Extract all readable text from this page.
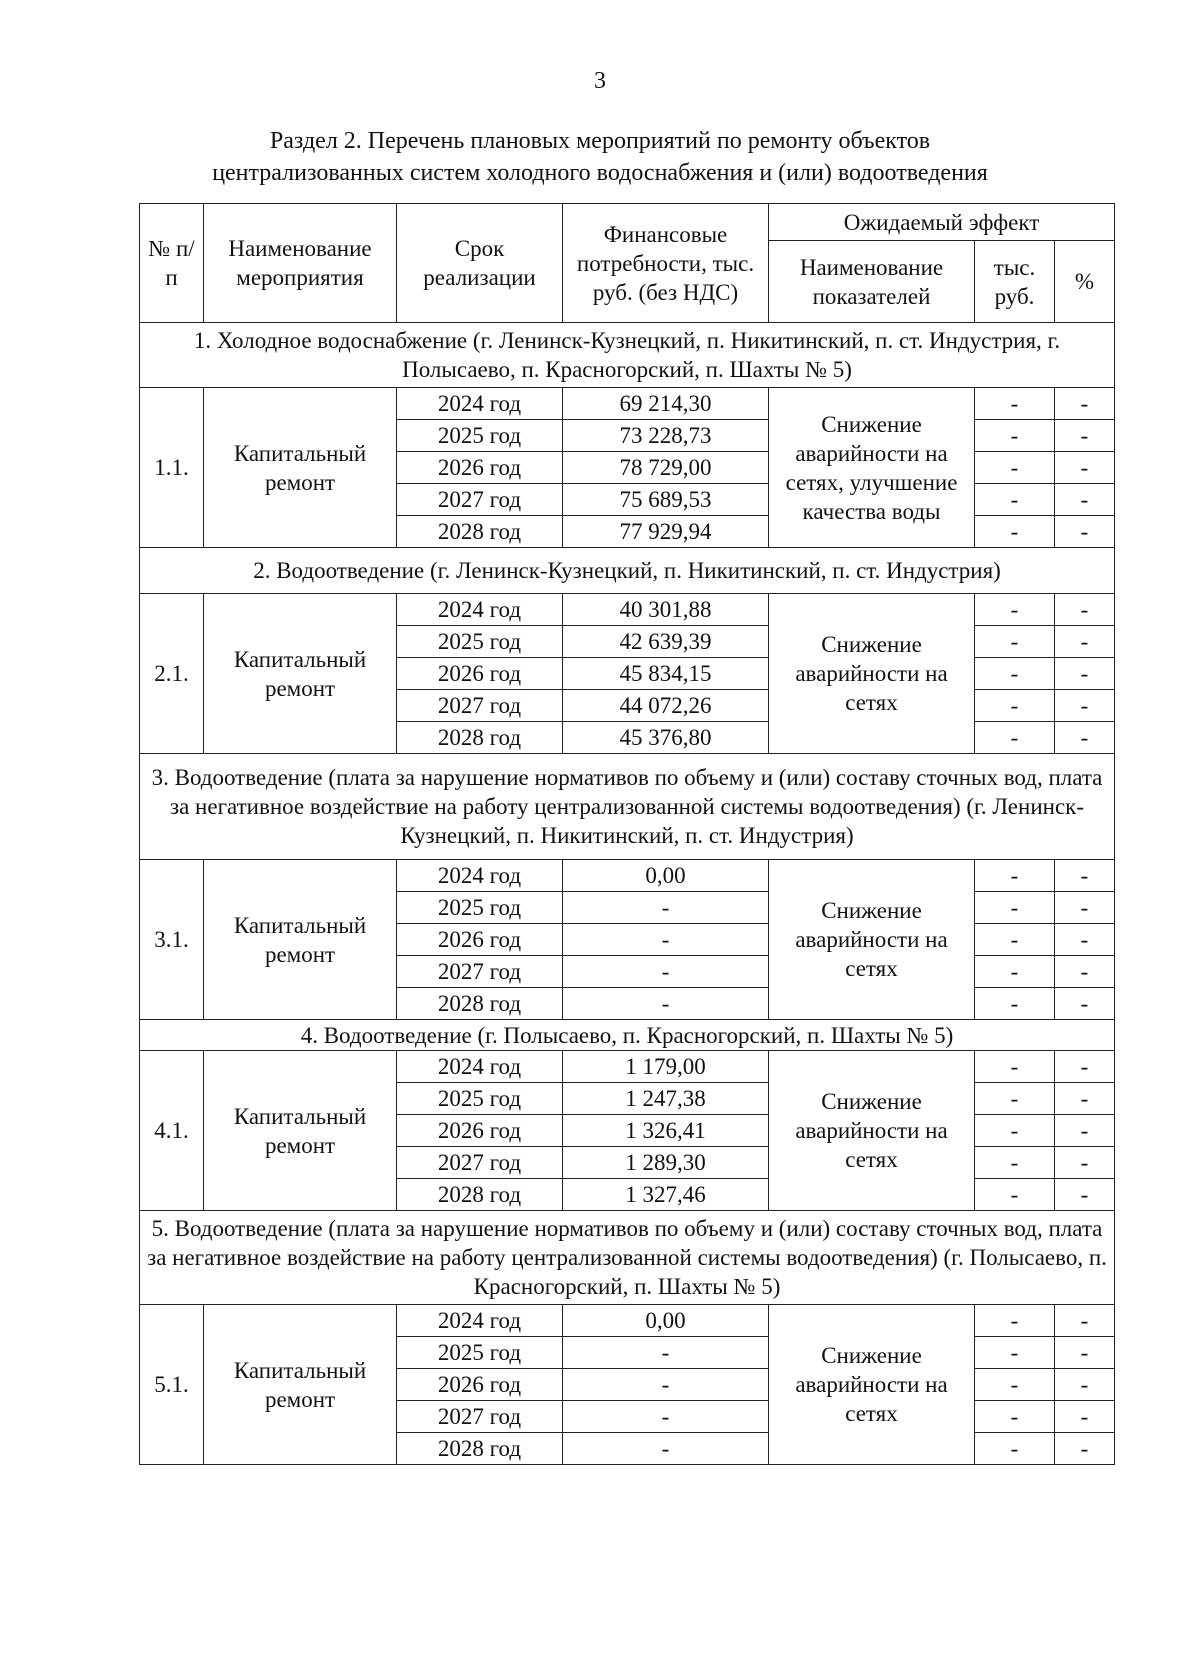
3
Раздел 2. Перечень плановых мероприятий по ремонту объектов
централизованных систем холодного водоснабжения и (или) водоотведения
№ п/п	Наименование мероприятия	Срок реализации	Финансовые потребности, тыс. руб. (без НДС)	Ожидаемый эффект		
				Наименование показателей	тыс. руб.	%
1. Холодное водоснабжение (г. Ленинск-Кузнецкий, п. Никитинский, п. ст. Индустрия, г. Полысаево, п. Красногорский, п. Шахты № 5)						
1.1.	Капитальный ремонт	2024 год	69 214,30	Снижение аварийности на сетях, улучшение качества воды	-	-
		2025 год	73 228,73		-	-
		2026 год	78 729,00		-	-
		2027 год	75 689,53		-	-
		2028 год	77 929,94		-	-
2. Водоотведение (г. Ленинск-Кузнецкий, п. Никитинский, п. ст. Индустрия)						
2.1.	Капитальный ремонт	2024 год	40 301,88	Снижение аварийности на сетях	-	-
		2025 год	42 639,39		-	-
		2026 год	45 834,15		-	-
		2027 год	44 072,26		-	-
		2028 год	45 376,80		-	-
3. Водоотведение (плата за нарушение нормативов по объему и (или) составу сточных вод, плата за негативное воздействие на работу централизованной системы водоотведения) (г. Ленинск-Кузнецкий, п. Никитинский, п. ст. Индустрия)						
3.1.	Капитальный ремонт	2024 год	0,00	Снижение аварийности на сетях	-	-
		2025 год	-		-	-
		2026 год	-		-	-
		2027 год	-		-	-
		2028 год	-		-	-
4. Водоотведение (г. Полысаево, п. Красногорский, п. Шахты № 5)						
4.1.	Капитальный ремонт	2024 год	1 179,00	Снижение аварийности на сетях	-	-
		2025 год	1 247,38		-	-
		2026 год	1 326,41		-	-
		2027 год	1 289,30		-	-
		2028 год	1 327,46		-	-
5. Водоотведение (плата за нарушение нормативов по объему и (или) составу сточных вод, плата за негативное воздействие на работу централизованной системы водоотведения) (г. Полысаево, п. Красногорский, п. Шахты № 5)						
5.1.	Капитальный ремонт	2024 год	0,00	Снижение аварийности на сетях	-	-
		2025 год	-		-	-
		2026 год	-		-	-
		2027 год	-		-	-
		2028 год	-		-	-
